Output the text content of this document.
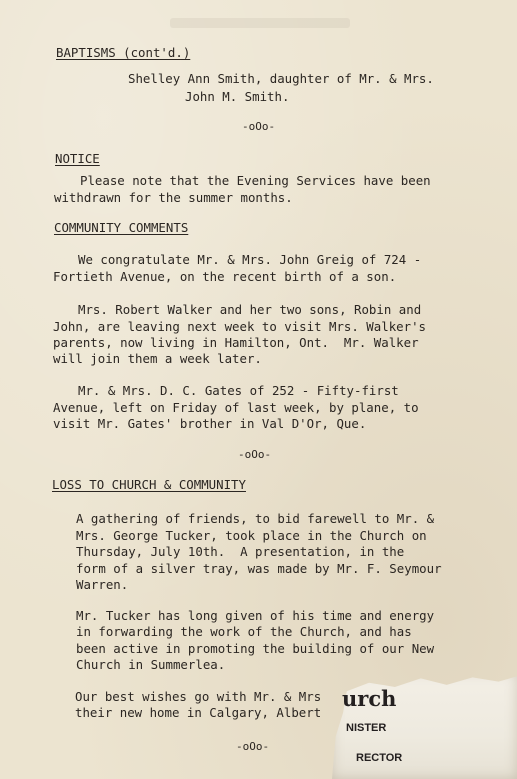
BAPTISMS (cont'd.)
Shelley Ann Smith, daughter of Mr. & Mrs.
John M. Smith.
-oOo-
NOTICE
Please note that the Evening Services have been
withdrawn for the summer months.
COMMUNITY COMMENTS
We congratulate Mr. & Mrs. John Greig of 724 -
Fortieth Avenue, on the recent birth of a son.
Mrs. Robert Walker and her two sons, Robin and
John, are leaving next week to visit Mrs. Walker's
parents, now living in Hamilton, Ont.  Mr. Walker
will join them a week later.
Mr. & Mrs. D. C. Gates of 252 - Fifty-first
Avenue, left on Friday of last week, by plane, to
visit Mr. Gates' brother in Val D'Or, Que.
-oOo-
LOSS TO CHURCH & COMMUNITY
A gathering of friends, to bid farewell to Mr. &
Mrs. George Tucker, took place in the Church on
Thursday, July 10th.  A presentation, in the
form of a silver tray, was made by Mr. F. Seymour
Warren.
Mr. Tucker has long given of his time and energy
in forwarding the work of the Church, and has
been active in promoting the building of our New
Church in Summerlea.
Our best wishes go with Mr. & Mrs
their new home in Calgary, Albert
urch
NISTER
RECTOR
-oOo-
